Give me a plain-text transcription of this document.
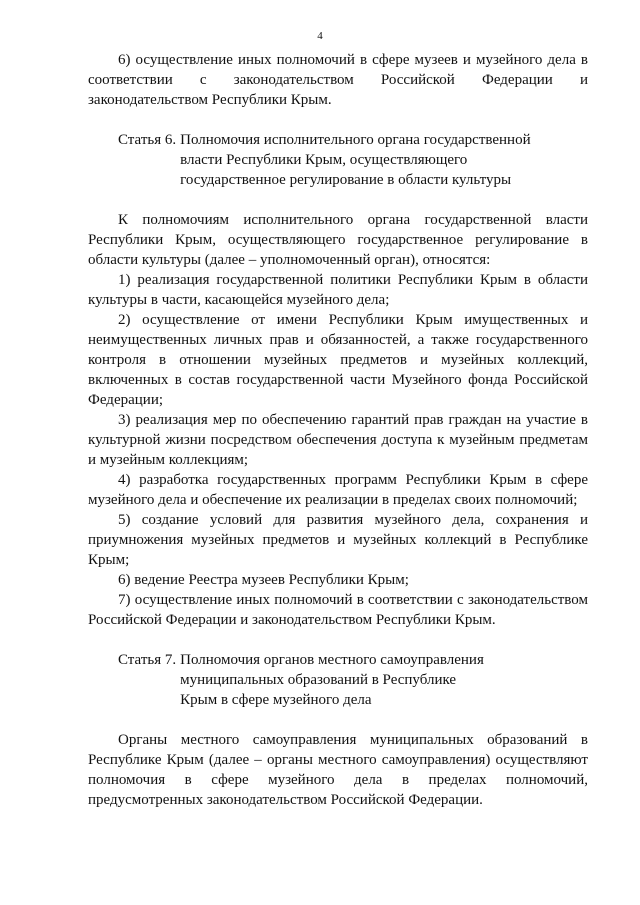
4

6) осуществление иных полномочий в сфере музеев и музейного дела в соответствии с законодательством Российской Федерации и законодательством Республики Крым.

Статья 6. Полномочия исполнительного органа государственной
власти Республики Крым, осуществляющего
государственное регулирование в области культуры

К полномочиям исполнительного органа государственной власти Республики Крым, осуществляющего государственное регулирование в области культуры (далее – уполномоченный орган), относятся:

1) реализация государственной политики Республики Крым в области культуры в части, касающейся музейного дела;

2) осуществление от имени Республики Крым имущественных и неимущественных личных прав и обязанностей, а также государственного контроля в отношении музейных предметов и музейных коллекций, включенных в состав государственной части Музейного фонда Российской Федерации;

3) реализация мер по обеспечению гарантий прав граждан на участие в культурной жизни посредством обеспечения доступа к музейным предметам и музейным коллекциям;

4) разработка государственных программ Республики Крым в сфере музейного дела и обеспечение их реализации в пределах своих полномочий;

5) создание условий для развития музейного дела, сохранения и приумножения музейных предметов и музейных коллекций в Республике Крым;

6) ведение Реестра музеев Республики Крым;

7) осуществление иных полномочий в соответствии с законодательством Российской Федерации и законодательством Республики Крым.

Статья 7. Полномочия органов местного самоуправления
муниципальных образований в Республике
Крым в сфере музейного дела

Органы местного самоуправления муниципальных образований в Республике Крым (далее – органы местного самоуправления) осуществляют полномочия в сфере музейного дела в пределах полномочий, предусмотренных законодательством Российской Федерации.
